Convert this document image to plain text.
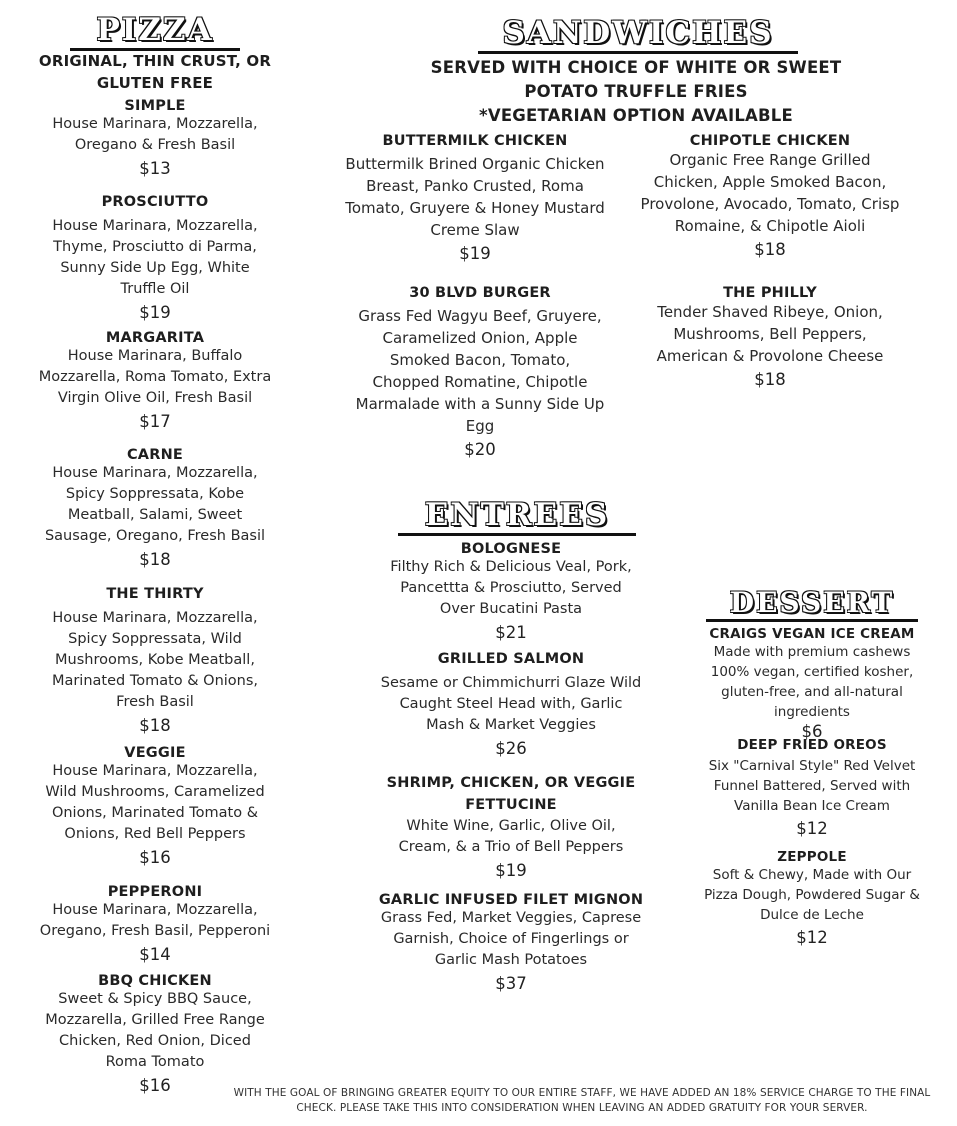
PIZZA
ORIGINAL, THIN CRUST, OR
GLUTEN FREE
SIMPLE
House Marinara, Mozzarella, Oregano & Fresh Basil
$13
PROSCIUTTO
House Marinara, Mozzarella, Thyme, Prosciutto di Parma, Sunny Side Up Egg, White Truffle Oil
$19
MARGARITA
House Marinara, Buffalo Mozzarella, Roma Tomato, Extra Virgin Olive Oil, Fresh Basil
$17
CARNE
House Marinara, Mozzarella, Spicy Soppressata, Kobe Meatball, Salami, Sweet Sausage, Oregano, Fresh Basil
$18
THE THIRTY
House Marinara, Mozzarella, Spicy Soppressata, Wild Mushrooms, Kobe Meatball, Marinated Tomato & Onions, Fresh Basil
$18
VEGGIE
House Marinara, Mozzarella, Wild Mushrooms, Caramelized Onions, Marinated Tomato & Onions, Red Bell Peppers
$16
PEPPERONI
House Marinara, Mozzarella, Oregano, Fresh Basil, Pepperoni
$14
BBQ CHICKEN
Sweet & Spicy BBQ Sauce, Mozzarella, Grilled Free Range Chicken, Red Onion, Diced Roma Tomato
$16
SANDWICHES
SERVED WITH CHOICE OF WHITE OR SWEET
POTATO TRUFFLE FRIES
*VEGETARIAN OPTION AVAILABLE
BUTTERMILK CHICKEN
Buttermilk Brined Organic Chicken Breast, Panko Crusted, Roma Tomato, Gruyere & Honey Mustard Creme Slaw
$19
CHIPOTLE CHICKEN
Organic Free Range Grilled Chicken, Apple Smoked Bacon, Provolone, Avocado, Tomato, Crisp Romaine, & Chipotle Aioli
$18
30 BLVD BURGER
Grass Fed Wagyu Beef, Gruyere, Caramelized Onion, Apple Smoked Bacon, Tomato, Chopped Romatine, Chipotle Marmalade with a Sunny Side Up Egg
$20
THE PHILLY
Tender Shaved Ribeye, Onion, Mushrooms, Bell Peppers, American & Provolone Cheese
$18
ENTREES
BOLOGNESE
Filthy Rich & Delicious Veal, Pork, Pancettta & Prosciutto, Served Over Bucatini Pasta
$21
GRILLED SALMON
Sesame or Chimmichurri Glaze Wild Caught Steel Head with, Garlic Mash & Market Veggies
$26
SHRIMP, CHICKEN, OR VEGGIE FETTUCINE
White Wine, Garlic, Olive Oil, Cream, & a Trio of Bell Peppers
$19
GARLIC INFUSED FILET MIGNON
Grass Fed, Market Veggies, Caprese Garnish, Choice of Fingerlings or Garlic Mash Potatoes
$37
DESSERT
CRAIGS VEGAN ICE CREAM
Made with premium cashews 100% vegan, certified kosher, gluten-free, and all-natural ingredients
$6
DEEP FRIED OREOS
Six "Carnival Style" Red Velvet Funnel Battered, Served with Vanilla Bean Ice Cream
$12
ZEPPOLE
Soft & Chewy, Made with Our Pizza Dough, Powdered Sugar & Dulce de Leche
$12
WITH THE GOAL OF BRINGING GREATER EQUITY TO OUR ENTIRE STAFF, WE HAVE ADDED AN 18% SERVICE CHARGE TO THE FINAL CHECK. PLEASE TAKE THIS INTO CONSIDERATION WHEN LEAVING AN ADDED GRATUITY FOR YOUR SERVER.
